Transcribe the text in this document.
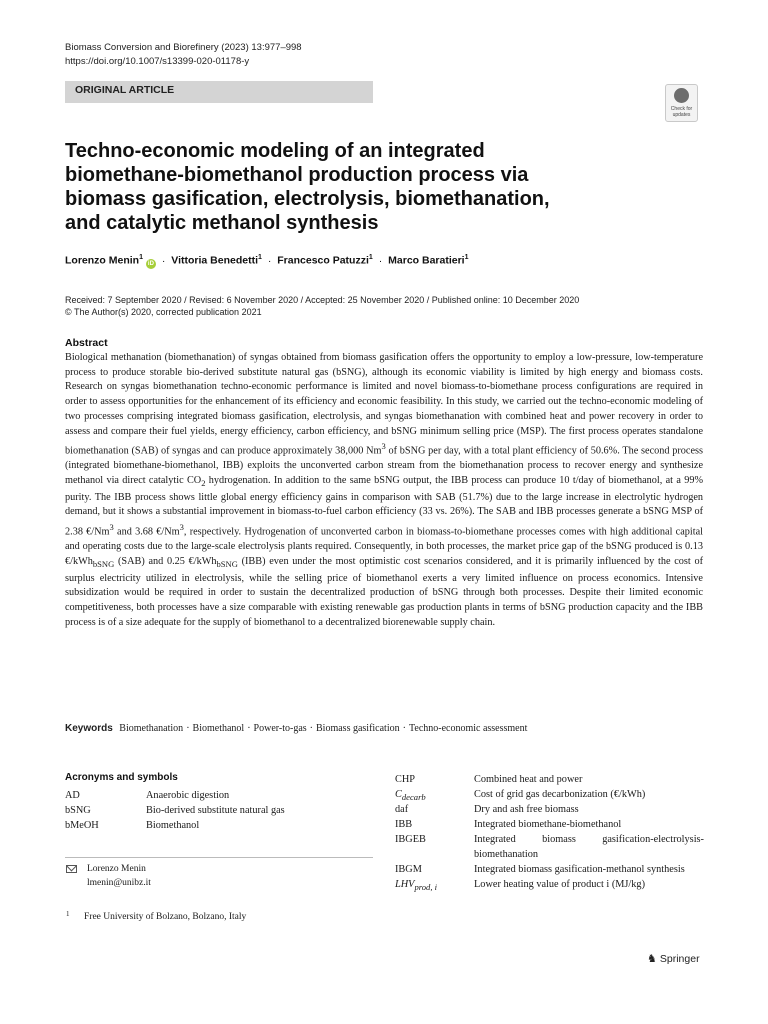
Biomass Conversion and Biorefinery (2023) 13:977–998
https://doi.org/10.1007/s13399-020-01178-y
ORIGINAL ARTICLE
Check for
updates
Techno-economic modeling of an integrated biomethane-biomethanol production process via biomass gasification, electrolysis, biomethanation, and catalytic methanol synthesis
Lorenzo Menin$^1$ iD · Vittoria Benedetti$^1$ · Francesco Patuzzi$^1$ · Marco Baratieri$^1$
Received: 7 September 2020 / Revised: 6 November 2020 / Accepted: 25 November 2020 / Published online: 10 December 2020
© The Author(s) 2020, corrected publication 2021
Abstract

Biological methanation (biomethanation) of syngas obtained from biomass gasification offers the opportunity to employ a low-pressure, low-temperature process to produce storable bio-derived substitute natural gas (bSNG), although its economic viability is limited by high energy and biomass costs. Research on syngas biomethanation techno-economic performance is limited and novel biomass-to-biomethane process configurations are required in order to assess opportunities for the enhancement of its efficiency and economic feasibility. In this study, we carried out the techno-economic modeling of two processes comprising integrated biomass gasification, electrolysis, and syngas biomethanation with combined heat and power recovery in order to assess and compare their fuel yields, energy efficiency, carbon efficiency, and bSNG minimum selling price (MSP). The first process operates standalone biomethanation (SAB) of syngas and can produce approximately 38,000 Nm$^3$ of bSNG per day, with a total plant efficiency of 50.6%. The second process (integrated biomethane-biomethanol, IBB) exploits the unconverted carbon stream from the biomethanation process to recover energy and synthesize methanol via direct catalytic $CO_2$ hydrogenation. In addition to the same bSNG output, the IBB process can produce 10 t/day of biomethanol, at a 99% purity. The IBB process shows little global energy efficiency gains in comparison with SAB (51.7%) due to the large increase in electrolytic hydrogen demand, but it shows a substantial improvement in biomass-to-fuel carbon efficiency (33 vs. 26%). The SAB and IBB processes generate a bSNG MSP of 2.38 €/Nm$^3$ and 3.68 €/Nm$^3$, respectively. Hydrogenation of unconverted carbon in biomass-to-biomethane processes comes with high additional capital and operating costs due to the large-scale electrolysis plants required. Consequently, in both processes, the market price gap of the bSNG produced is 0.13 €/kWh$_{bSNG}$ (SAB) and 0.25 €/kWh$_{bSNG}$ (IBB) even under the most optimistic cost scenarios considered, and it is primarily influenced by the cost of surplus electricity utilized in electrolysis, while the selling price of biomethanol exerts a very limited influence on process economics. Intensive subsidization would be required in order to sustain the decentralized production of bSNG through both processes. Despite their limited economic competitiveness, both processes have a size comparable with existing renewable gas production plants in terms of bSNG production capacity and the IBB process is of a size adequate for the supply of biomethanol to a decentralized biorenewable supply chain.

Keywords Biomethanation · Biomethanol · Power-to-gas · Biomass gasification · Techno-economic assessment
Acronyms and symbols
AD	Anaerobic digestion
bSNG	Bio-derived substitute natural gas
bMeOH	Biomethanol
Lorenzo Menin
lmenin@unibz.it
1 Free University of Bolzano, Bolzano, Italy
CHP	Combined heat and power
$C_{decarb}$	Cost of grid gas decarbonization (€/kWh)
daf	Dry and ash free biomass
IBB	Integrated biomethane-biomethanol
IBGEB	Integrated biomass gasification-electrolysis-biomethanation
IBGM	Integrated biomass gasification-methanol synthesis
$LHV_{prod, i}$	Lower heating value of product i (MJ/kg)
♞ Springer
